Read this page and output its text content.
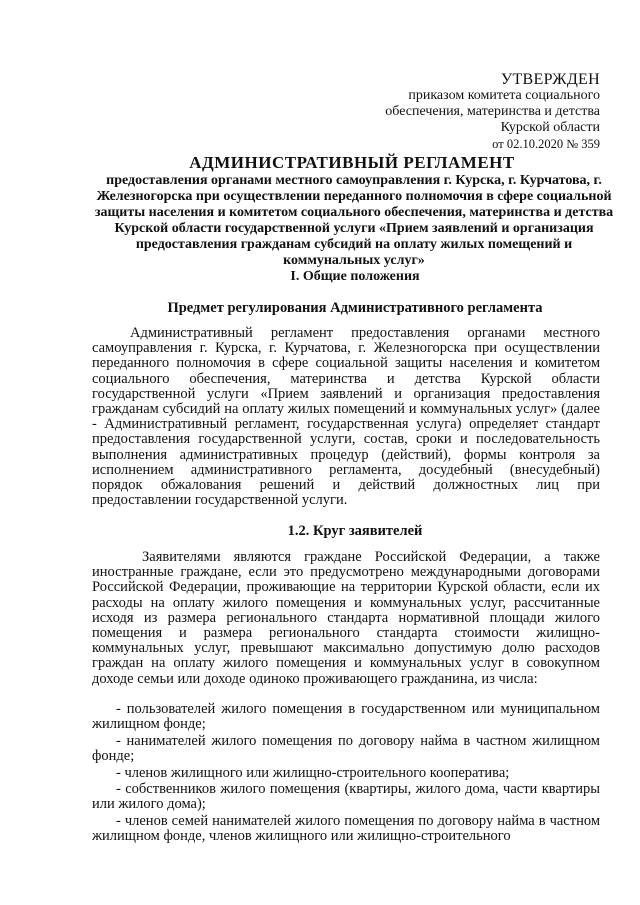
УТВЕРЖДЕН
приказом комитета социального
обеспечения, материнства и детства
Курской области
от 02.10.2020 № 359
АДМИНИСТРАТИВНЫЙ РЕГЛАМЕНТ
предоставления органами местного самоуправления г. Курска, г. Курчатова, г. Железногорска при осуществлении переданного полномочия в сфере социальной защиты населения и комитетом социального обеспечения, материнства и детства Курской области государственной услуги «Прием заявлений и организация предоставления гражданам субсидий на оплату жилых помещений и коммунальных услуг»
I. Общие положения
Предмет регулирования Административного регламента
Административный регламент предоставления органами местного самоуправления г. Курска, г. Курчатова, г. Железногорска при осуществлении переданного полномочия в сфере социальной защиты населения и комитетом социального обеспечения, материнства и детства Курской области государственной услуги «Прием заявлений и организация предоставления гражданам субсидий на оплату жилых помещений и коммунальных услуг» (далее - Административный регламент, государственная услуга) определяет стандарт предоставления государственной услуги, состав, сроки и последовательность выполнения административных процедур (действий), формы контроля за исполнением административного регламента, досудебный (внесудебный) порядок обжалования решений и действий должностных лиц при предоставлении государственной услуги.
1.2. Круг заявителей
Заявителями являются граждане Российской Федерации, а также иностранные граждане, если это предусмотрено международными договорами Российской Федерации, проживающие на территории Курской области, если их расходы на оплату жилого помещения и коммунальных услуг, рассчитанные исходя из размера регионального стандарта нормативной площади жилого помещения и размера регионального стандарта стоимости жилищно-коммунальных услуг, превышают максимально допустимую долю расходов граждан на оплату жилого помещения и коммунальных услуг в совокупном доходе семьи или доходе одиноко проживающего гражданина, из числа:

- пользователей жилого помещения в государственном или муниципальном жилищном фонде;

- нанимателей жилого помещения по договору найма в частном жилищном фонде;

- членов жилищного или жилищно-строительного кооператива;

- собственников жилого помещения (квартиры, жилого дома, части квартиры или жилого дома);

- членов семей нанимателей жилого помещения по договору найма в частном жилищном фонде, членов жилищного или жилищно-строительного
